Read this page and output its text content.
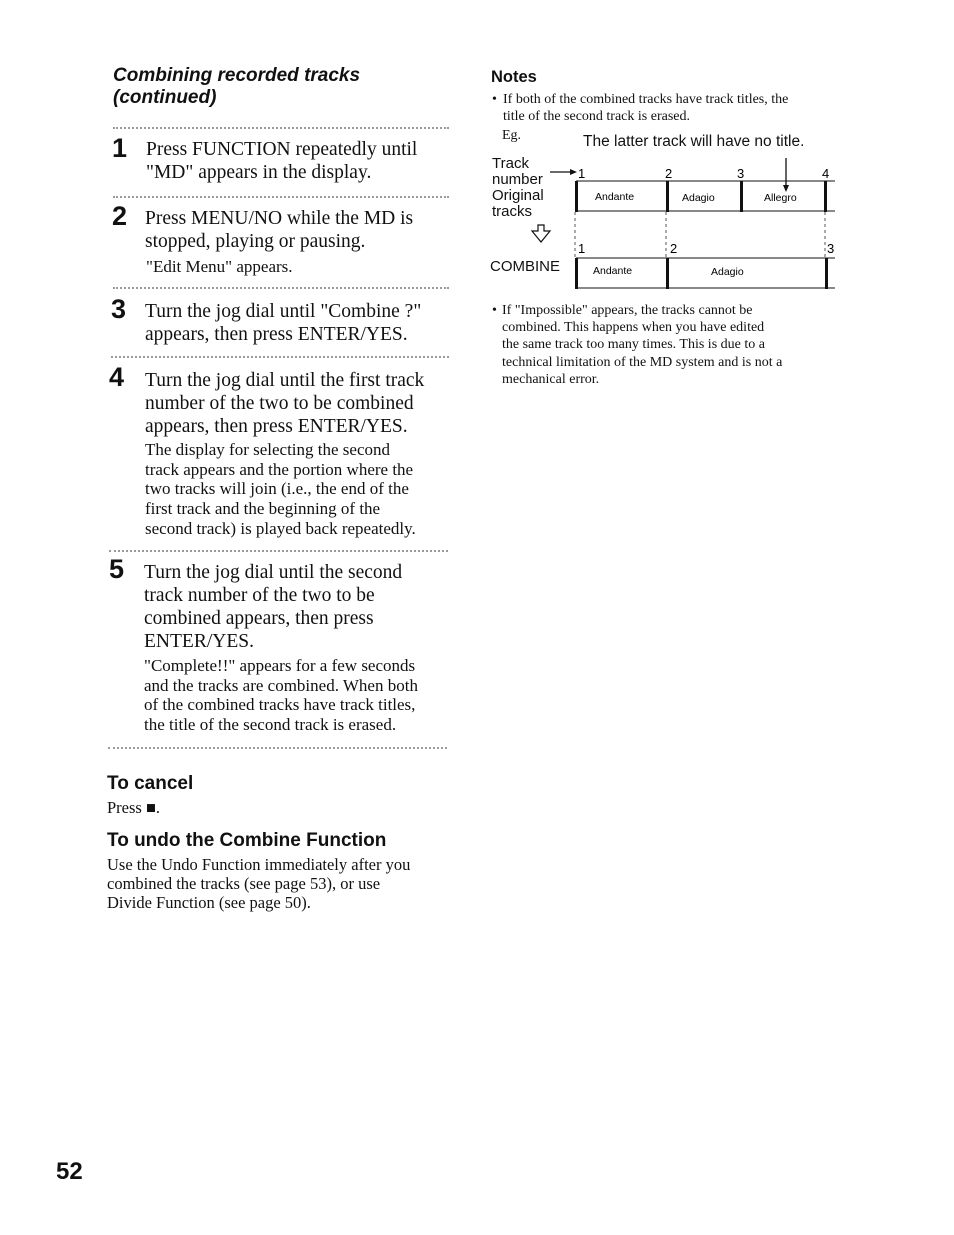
Combining recorded tracks
(continued)
1 Press FUNCTION repeatedly until
"MD" appears in the display.
2 Press MENU/NO while the MD is
stopped, playing or pausing.
"Edit Menu" appears.
3 Turn the jog dial until "Combine ?"
appears, then press ENTER/YES.
4 Turn the jog dial until the first track
number of the two to be combined
appears, then press ENTER/YES.
The display for selecting the second
track appears and the portion where the
two tracks will join (i.e., the end of the
first track and the beginning of the
second track) is played back repeatedly.
5 Turn the jog dial until the second
track number of the two to be
combined appears, then press
ENTER/YES.
"Complete!!" appears for a few seconds
and the tracks are combined. When both
of the combined tracks have track titles,
the title of the second track is erased.
To cancel
Press ■.
To undo the Combine Function
Use the Undo Function immediately after you
combined the tracks (see page 53), or use
Divide Function (see page 50).
Notes
• If both of the combined tracks have track titles, the
title of the second track is erased.
Eg.	The latter track will have no title.
Track
number
Original
tracks
COMBINE
1	2	3	4
1	2	3
Andante	Adagio	Allegro
Andante	Adagio
• If "Impossible" appears, the tracks cannot be
combined. This happens when you have edited
the same track too many times. This is due to a
technical limitation of the MD system and is not a
mechanical error.
52
